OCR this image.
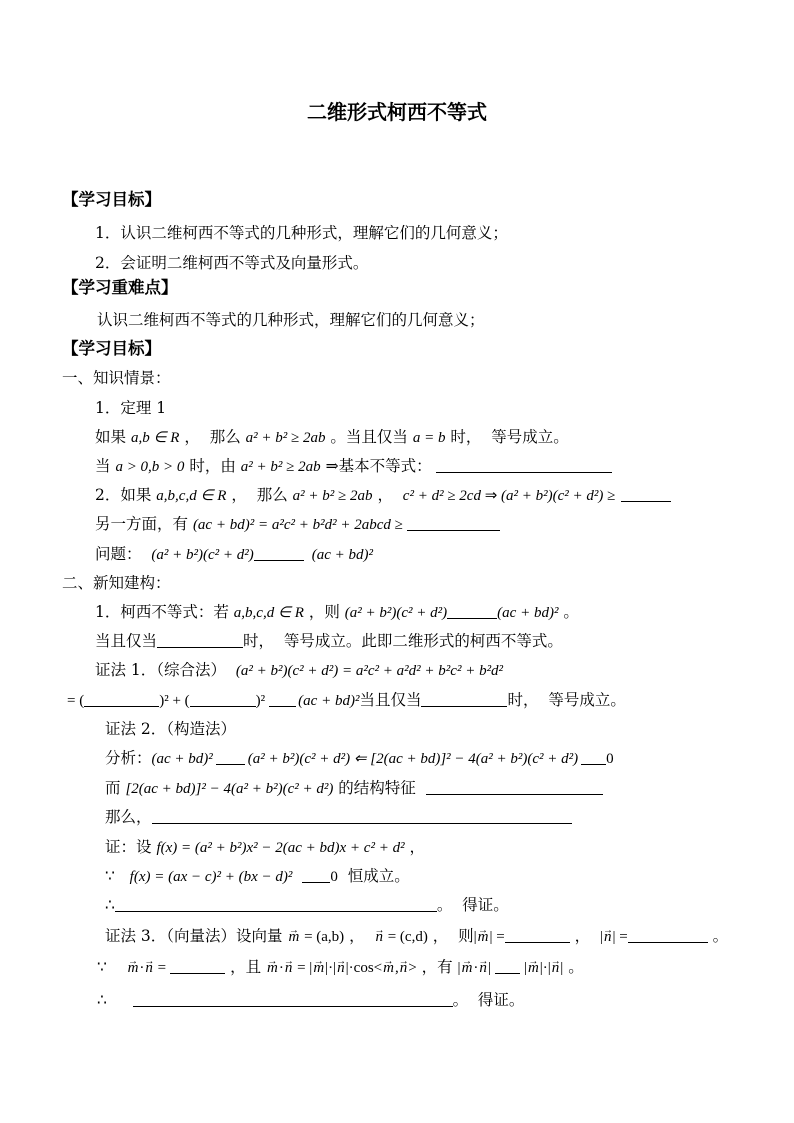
二维形式柯西不等式
【学习目标】
1．认识二维柯西不等式的几种形式，理解它们的几何意义；
2．会证明二维柯西不等式及向量形式。
【学习重难点】
认识二维柯西不等式的几种形式，理解它们的几何意义；
【学习目标】
一、知识情景：
1．定理 1
如果 a,b ∈ R ，  那么 a² + b² ≥ 2ab 。当且仅当 a = b 时，  等号成立。
当 a > 0,b > 0 时，由 a² + b² ≥ 2ab ⇒基本不等式：
2．如果 a,b,c,d ∈ R ，  那么 a² + b² ≥ 2ab ， c² + d² ≥ 2cd ⇒ (a² + b²)(c² + d²) ≥
另一方面，有 (ac + bd)² = a²c² + b²d² + 2abcd ≥
问题： (a² + b²)(c² + d²)	(ac + bd)²
二、新知建构：
1．柯西不等式：若 a,b,c,d ∈ R ，则 (a² + b²)(c² + d²)	(ac + bd)² 。
当且仅当	时，  等号成立。此即二维形式的柯西不等式。
证法 1．（综合法） (a² + b²)(c² + d²) = a²c² + a²d² + b²c² + b²d²
= (	)² + (	)² (ac + bd)² 当且仅当	时，  等号成立。
证法 2．（构造法）
分析： (ac + bd)² (a² + b²)(c² + d²) ⇐ [2(ac + bd)]² − 4(a² + b²)(c² + d²) 0
而 [2(ac + bd)]² − 4(a² + b²)(c² + d²) 的结构特征
那么，
证：设 f(x) = (a² + b²)x² − 2(ac + bd)x + c² + d² ，
∵ f(x) = (ax − c)² + (bx − d)²	0 恒成立。
∴	。  得证。
证法 3．（向量法）设向量 → m = (a,b) ， → n = (c,d) ，  则 | → m | =	， | → n | =	。
∵ → m · → n =	，且 → m · → n = | → m |·| → n |·cos< → m , → n > ，有 | → m · → n | | → m |·| → n | 。
∴	。  得证。
